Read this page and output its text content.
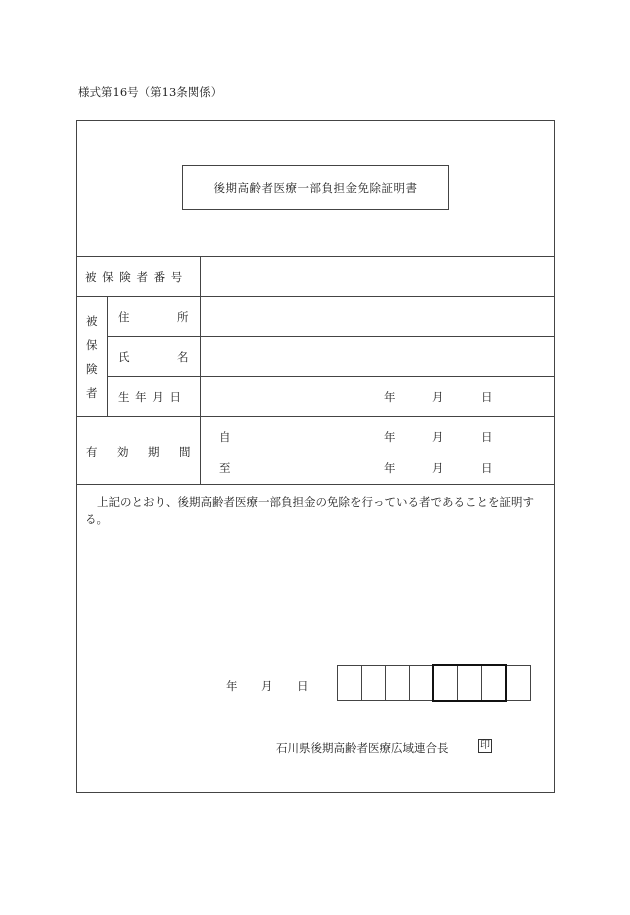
様式第16号（第13条関係）
後期高齢者医療一部負担金免除証明書
被 保 険 者 番 号
被
保
険
者
住	所
氏	名
生 年 月 日	年	月	日
有 効 期 間
自	年	月	日
至	年	月	日
上記のとおり、後期高齢者医療一部負担金の免除を行っている者であることを証明する。
年 月 日
石川県後期高齢者医療広域連合長	印
